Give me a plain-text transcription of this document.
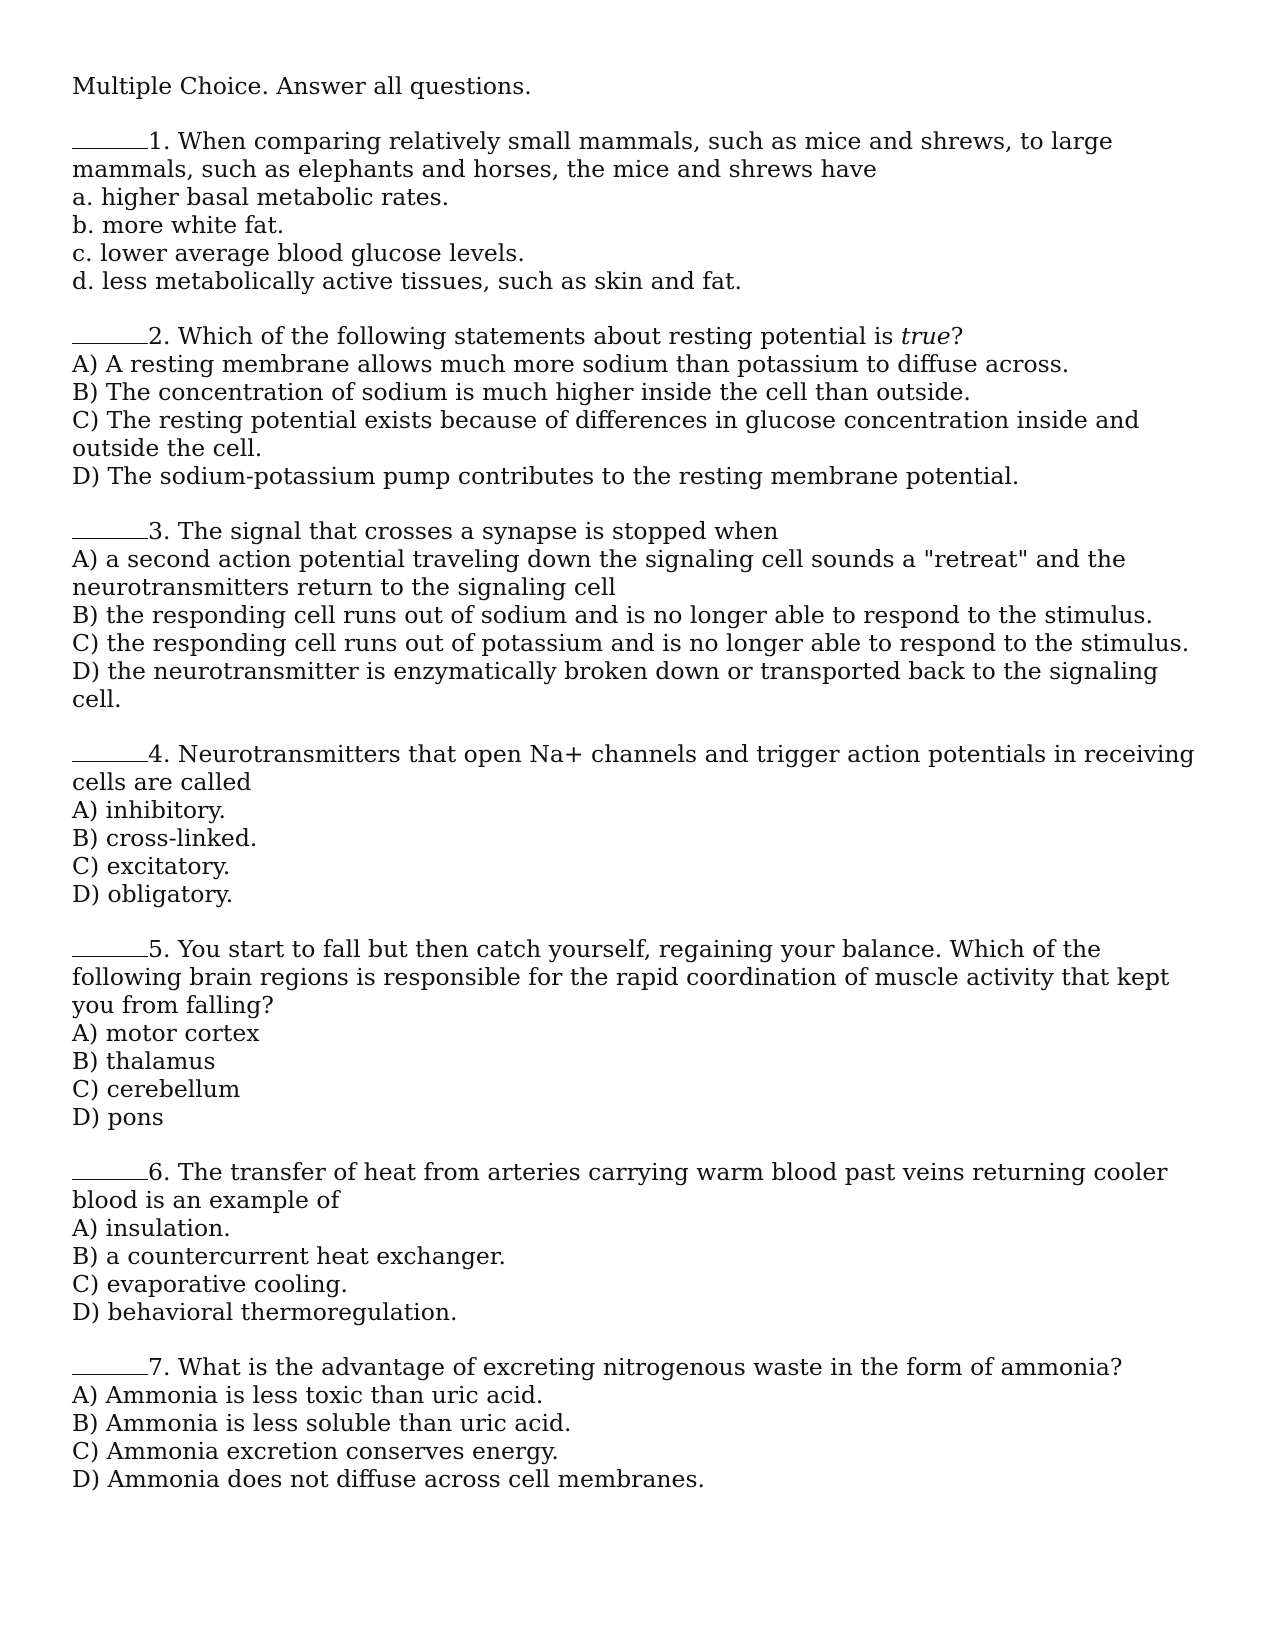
Multiple Choice. Answer all questions.

1. When comparing relatively small mammals, such as mice and shrews, to large mammals, such as elephants and horses, the mice and shrews have

a. higher basal metabolic rates.
b. more white fat.
c. lower average blood glucose levels.
d. less metabolically active tissues, such as skin and fat.

2. Which of the following statements about resting potential is true?

A) A resting membrane allows much more sodium than potassium to diffuse across.
B) The concentration of sodium is much higher inside the cell than outside.
C) The resting potential exists because of differences in glucose concentration inside and outside the cell.
D) The sodium-potassium pump contributes to the resting membrane potential.

3. The signal that crosses a synapse is stopped when

A) a second action potential traveling down the signaling cell sounds a "retreat" and the neurotransmitters return to the signaling cell
B) the responding cell runs out of sodium and is no longer able to respond to the stimulus.
C) the responding cell runs out of potassium and is no longer able to respond to the stimulus.
D) the neurotransmitter is enzymatically broken down or transported back to the signaling cell.

4. Neurotransmitters that open Na+ channels and trigger action potentials in receiving cells are called

A) inhibitory.
B) cross-linked.
C) excitatory.
D) obligatory.

5. You start to fall but then catch yourself, regaining your balance. Which of the following brain regions is responsible for the rapid coordination of muscle activity that kept you from falling?

A) motor cortex
B) thalamus
C) cerebellum
D) pons

6. The transfer of heat from arteries carrying warm blood past veins returning cooler blood is an example of

A) insulation.
B) a countercurrent heat exchanger.
C) evaporative cooling.
D) behavioral thermoregulation.

7. What is the advantage of excreting nitrogenous waste in the form of ammonia?

A) Ammonia is less toxic than uric acid.
B) Ammonia is less soluble than uric acid.
C) Ammonia excretion conserves energy.
D) Ammonia does not diffuse across cell membranes.
